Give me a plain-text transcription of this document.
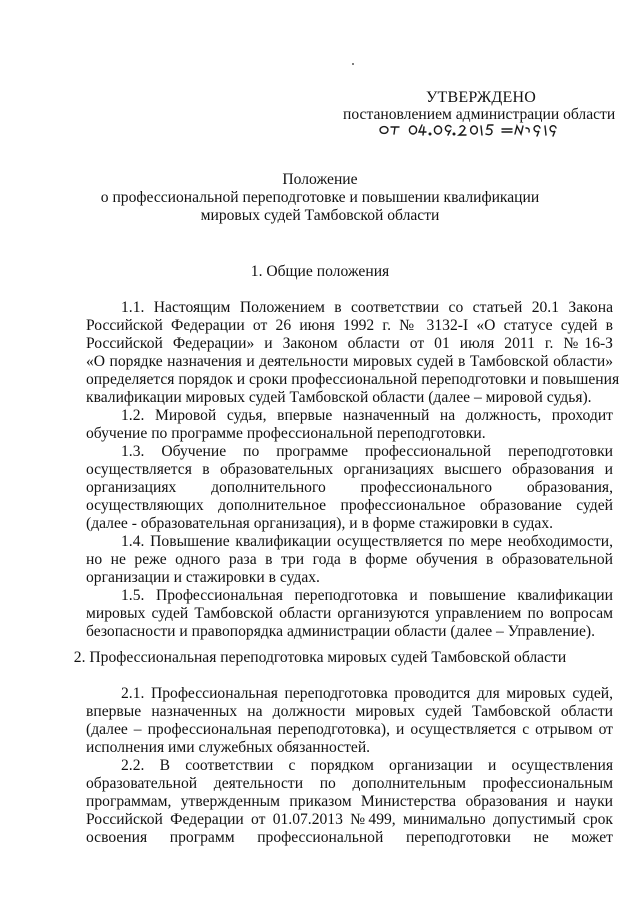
УТВЕРЖДЕНО
постановлением администрации области
Положение
о профессиональной переподготовке и повышении квалификации
мировых судей Тамбовской области
1. Общие положения
1.1. Настоящим Положением в соответствии со статьей 20.1 Закона
Российской Федерации от 26 июня 1992 г. № 3132-I «О статусе судей в
Российской Федерации» и Законом области от 01 июля 2011 г. №16-З
«О порядке назначения и деятельности мировых судей в Тамбовской области»
определяется порядок и сроки профессиональной переподготовки и повышения
квалификации мировых судей Тамбовской области (далее – мировой судья).
1.2. Мировой судья, впервые назначенный на должность, проходит
обучение по программе профессиональной переподготовки.
1.3. Обучение по программе профессиональной переподготовки
осуществляется в образовательных организациях высшего образования и
организациях дополнительного профессионального образования,
осуществляющих дополнительное профессиональное образование судей
(далее - образовательная организация), и в форме стажировки в судах.
1.4. Повышение квалификации осуществляется по мере необходимости,
но не реже одного раза в три года в форме обучения в образовательной
организации и стажировки в судах.
1.5. Профессиональная переподготовка и повышение квалификации
мировых судей Тамбовской области организуются управлением по вопросам
безопасности и правопорядка администрации области (далее – Управление).
2. Профессиональная переподготовка мировых судей Тамбовской области
2.1. Профессиональная переподготовка проводится для мировых судей,
впервые назначенных на должности мировых судей Тамбовской области
(далее – профессиональная переподготовка), и осуществляется с отрывом от
исполнения ими служебных обязанностей.
2.2. В соответствии с порядком организации и осуществления
образовательной деятельности по дополнительным профессиональным
программам, утвержденным приказом Министерства образования и науки
Российской Федерации от 01.07.2013 №499, минимально допустимый срок
освоения программ профессиональной переподготовки не может
